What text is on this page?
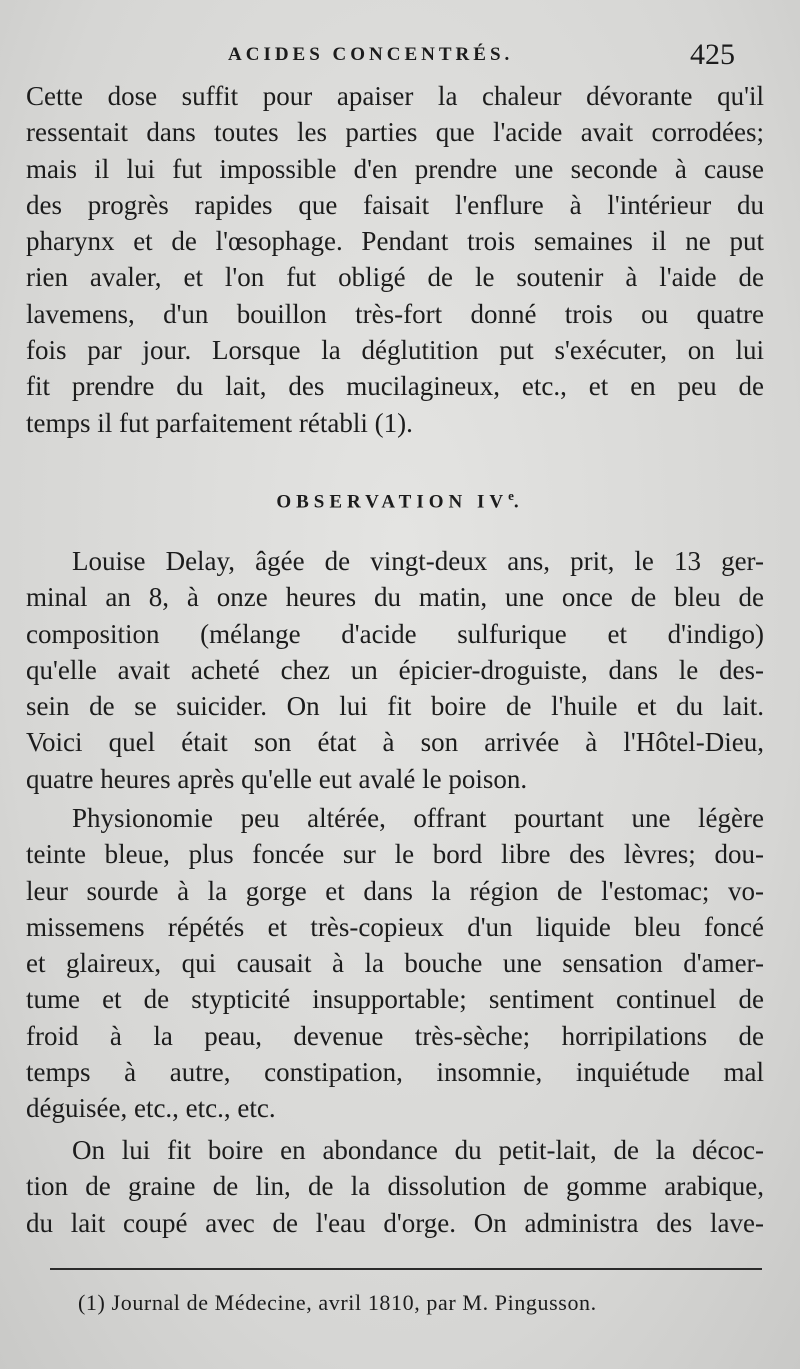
ACIDES CONCENTRÉS.	425
Cette dose suffit pour apaiser la chaleur dévorante qu'il
ressentait dans toutes les parties que l'acide avait corrodées;
mais il lui fut impossible d'en prendre une seconde à cause
des progrès rapides que faisait l'enflure à l'intérieur du
pharynx et de l'œsophage. Pendant trois semaines il ne put
rien avaler, et l'on fut obligé de le soutenir à l'aide de
lavemens, d'un bouillon très-fort donné trois ou quatre
fois par jour. Lorsque la déglutition put s'exécuter, on lui
fit prendre du lait, des mucilagineux, etc., et en peu de
temps il fut parfaitement rétabli (1).
OBSERVATION IVe.
Louise Delay, âgée de vingt-deux ans, prit, le 13 ger-
minal an 8, à onze heures du matin, une once de bleu de
composition (mélange d'acide sulfurique et d'indigo)
qu'elle avait acheté chez un épicier-droguiste, dans le des-
sein de se suicider. On lui fit boire de l'huile et du lait.
Voici quel était son état à son arrivée à l'Hôtel-Dieu,
quatre heures après qu'elle eut avalé le poison.
Physionomie peu altérée, offrant pourtant une légère
teinte bleue, plus foncée sur le bord libre des lèvres; dou-
leur sourde à la gorge et dans la région de l'estomac; vo-
missemens répétés et très-copieux d'un liquide bleu foncé
et glaireux, qui causait à la bouche une sensation d'amer-
tume et de stypticité insupportable; sentiment continuel de
froid à la peau, devenue très-sèche; horripilations de
temps à autre, constipation, insomnie, inquiétude mal
déguisée, etc., etc., etc.
On lui fit boire en abondance du petit-lait, de la décoc-
tion de graine de lin, de la dissolution de gomme arabique,
du lait coupé avec de l'eau d'orge. On administra des lave-
(1) Journal de Médecine, avril 1810, par M. Pingusson.
